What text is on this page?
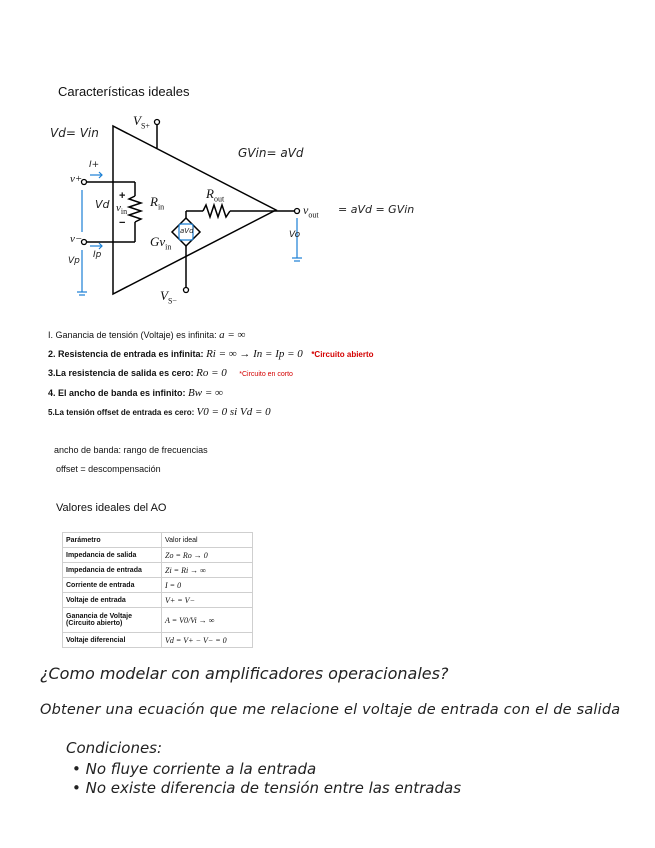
Características ideales
$V_{S+}$
$V_{S-}$
v+
v−
$R_{in}$
$R_{out}$
+
$v_{in}$
−
$Gv_{in}$
$v_{out}$
Vd= Vin
GVin= aVd
= aVd = GVin
I+
Ip
Vd
aVd
Vp
Vo
I. Ganancia de tensión (Voltaje) es infinita: a = ∞
2. Resistencia de entrada es infinita: Ri = ∞ → In = Ip = 0 *Circuito abierto
3.La resistencia de salida es cero: Ro = 0 *Circuito en corto
4. El ancho de banda es infinito: Bw = ∞
5.La tensión offset de entrada es cero: V0 = 0 si Vd = 0
ancho de banda: rango de frecuencias
offset = descompensación
Valores ideales del AO
Parámetro	Valor ideal
Impedancia de salida	Zo = Ro → 0
Impedancia de entrada	Zi = Ri → ∞
Corriente de entrada	I = 0
Voltaje de entrada	V+ = V−
Ganancia de Voltaje (Circuito abierto)	A = V0/Vi → ∞
Voltaje diferencial	Vd = V+ − V− = 0
¿Como modelar con amplificadores operacionales?
Obtener una ecuación que me relacione el voltaje de entrada con el de salida
Condiciones:
• No fluye corriente a la entrada
• No existe diferencia de tensión entre las entradas
